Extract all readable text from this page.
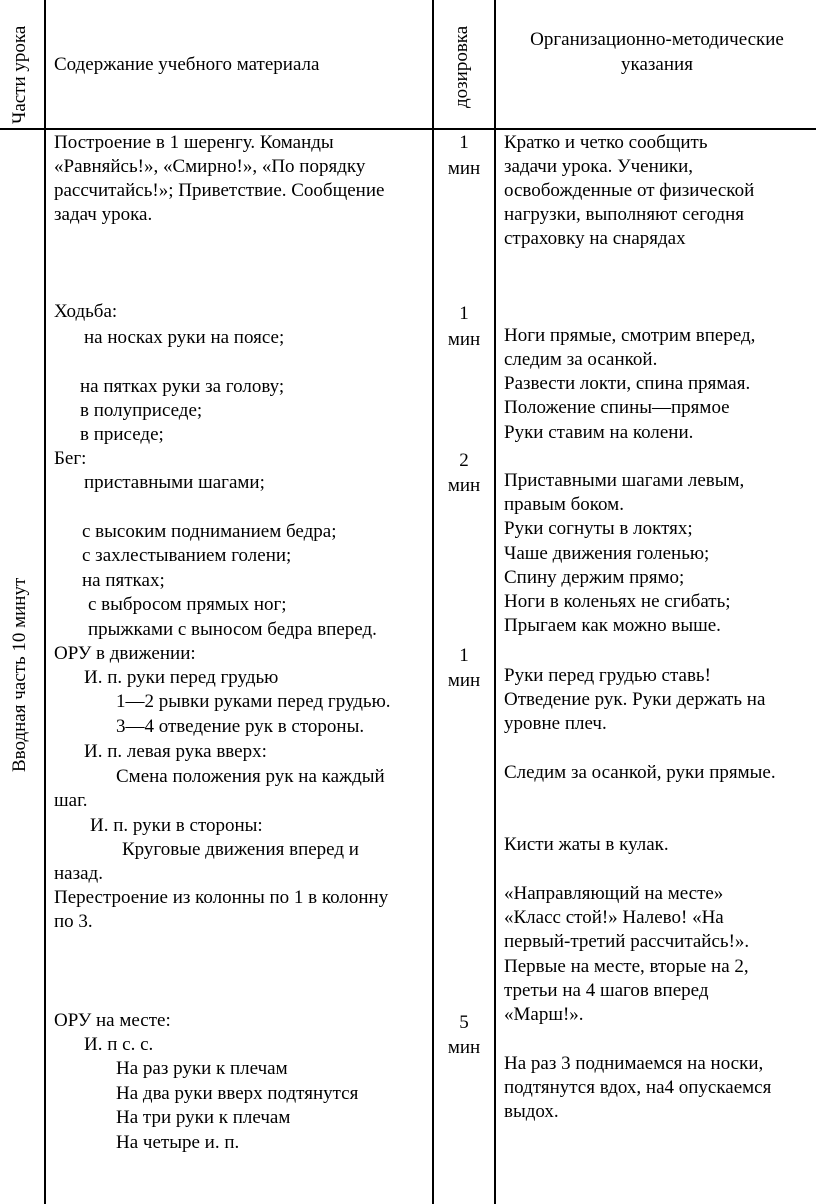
Части урока Содержание учебного материала	дозировка	Организационно-методические
указания
Вводная часть 10 минут
Построение в 1 шеренгу. Команды
«Равняйсь!», «Смирно!», «По порядку
рассчитайсь!»; Приветствие. Сообщение
задач урока.
Ходьба:
на носках руки на поясе;
на пятках руки за голову;
в полуприседе;
в приседе;
Бег:
приставными шагами;
с высоким подниманием бедра;
с захлестыванием голени;
на пятках;
с выбросом прямых ног;
прыжками с выносом бедра вперед.
ОРУ в движении:
И. п. руки перед грудью
1—2 рывки руками перед грудью.
3—4 отведение рук в стороны.
И. п. левая рука вверх:
Смена положения рук на каждый
шаг.
И. п. руки в стороны:
Круговые движения вперед и
назад.
Перестроение из колонны по 1 в колонну
по 3.
ОРУ на месте:
И. п с. с.
На раз руки к плечам
На два руки вверх подтянутся
На три руки к плечам
На четыре и. п.
1
мин
1
мин
2
мин
1
мин
5
мин
Кратко и четко сообщить
задачи урока. Ученики,
освобожденные от физической
нагрузки, выполняют сегодня
страховку на снарядах
Ноги прямые, смотрим вперед,
следим за осанкой.
Развести локти, спина прямая.
Положение спины—прямое
Руки ставим на колени.
Приставными шагами левым,
правым боком.
Руки согнуты в локтях;
Чаше движения голенью;
Спину держим прямо;
Ноги в коленьях не сгибать;
Прыгаем как можно выше.
Руки перед грудью ставь!
Отведение рук. Руки держать на
уровне плеч.
Следим за осанкой, руки прямые.
Кисти жаты в кулак.
«Направляющий на месте»
«Класс стой!» Налево! «На
первый-третий рассчитайсь!».
Первые на месте, вторые на 2,
третьи на 4 шагов вперед
«Марш!».
На раз 3 поднимаемся на носки,
подтянутся вдох, на4 опускаемся
выдох.
